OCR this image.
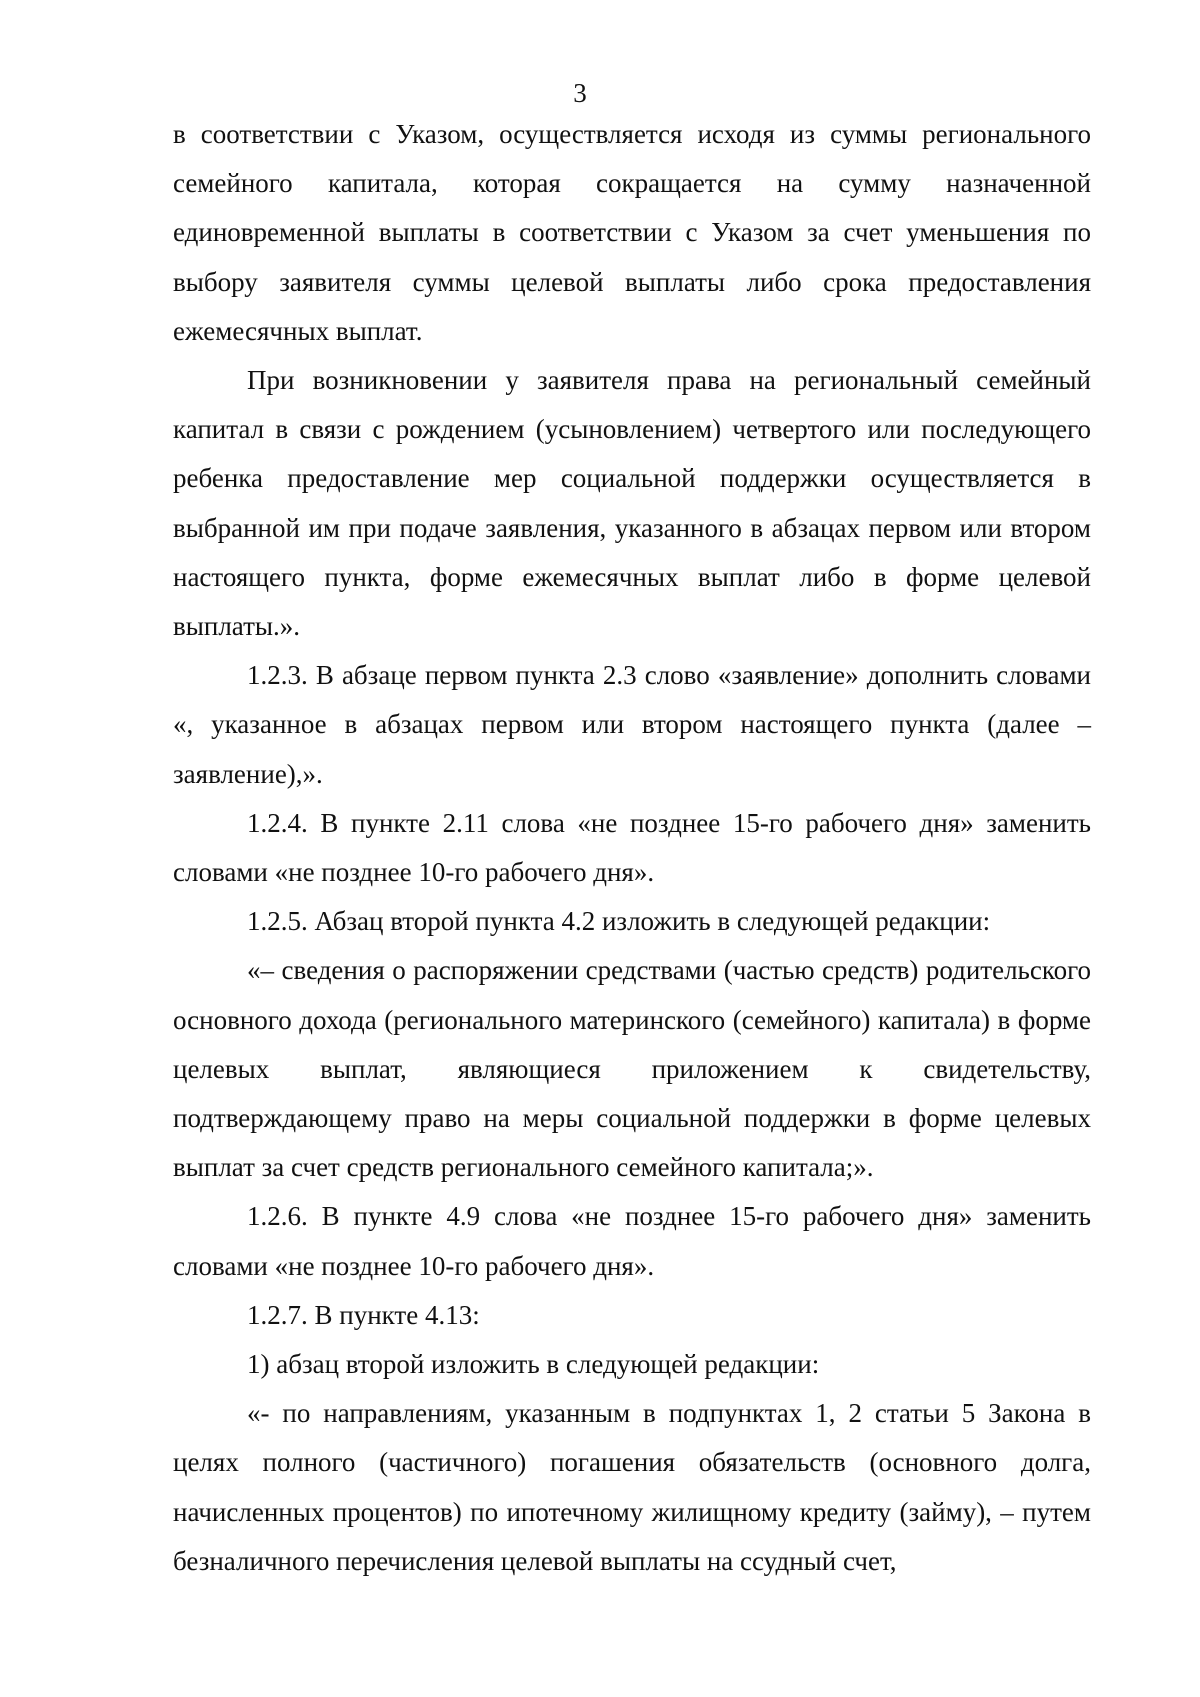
3

в соответствии с Указом, осуществляется исходя из суммы регионального семейного капитала, которая сокращается на сумму назначенной единовременной выплаты в соответствии с Указом за счет уменьшения по выбору заявителя суммы целевой выплаты либо срока предоставления ежемесячных выплат.

При возникновении у заявителя права на региональный семейный капитал в связи с рождением (усыновлением) четвертого или последующего ребенка предоставление мер социальной поддержки осуществляется в выбранной им при подаче заявления, указанного в абзацах первом или втором настоящего пункта, форме ежемесячных выплат либо в форме целевой выплаты.».

1.2.3. В абзаце первом пункта 2.3 слово «заявление» дополнить словами «, указанное в абзацах первом или втором настоящего пункта (далее – заявление),».

1.2.4. В пункте 2.11 слова «не позднее 15-го рабочего дня» заменить словами «не позднее 10-го рабочего дня».

1.2.5. Абзац второй пункта 4.2 изложить в следующей редакции:

«– сведения о распоряжении средствами (частью средств) родительского основного дохода (регионального материнского (семейного) капитала) в форме целевых выплат, являющиеся приложением к свидетельству, подтверждающему право на меры социальной поддержки в форме целевых выплат за счет средств регионального семейного капитала;».

1.2.6. В пункте 4.9 слова «не позднее 15-го рабочего дня» заменить словами «не позднее 10-го рабочего дня».

1.2.7. В пункте 4.13:

1) абзац второй изложить в следующей редакции:

«- по направлениям, указанным в подпунктах 1, 2 статьи 5 Закона в целях полного (частичного) погашения обязательств (основного долга, начисленных процентов) по ипотечному жилищному кредиту (займу), – путем безналичного перечисления целевой выплаты на ссудный счет,
